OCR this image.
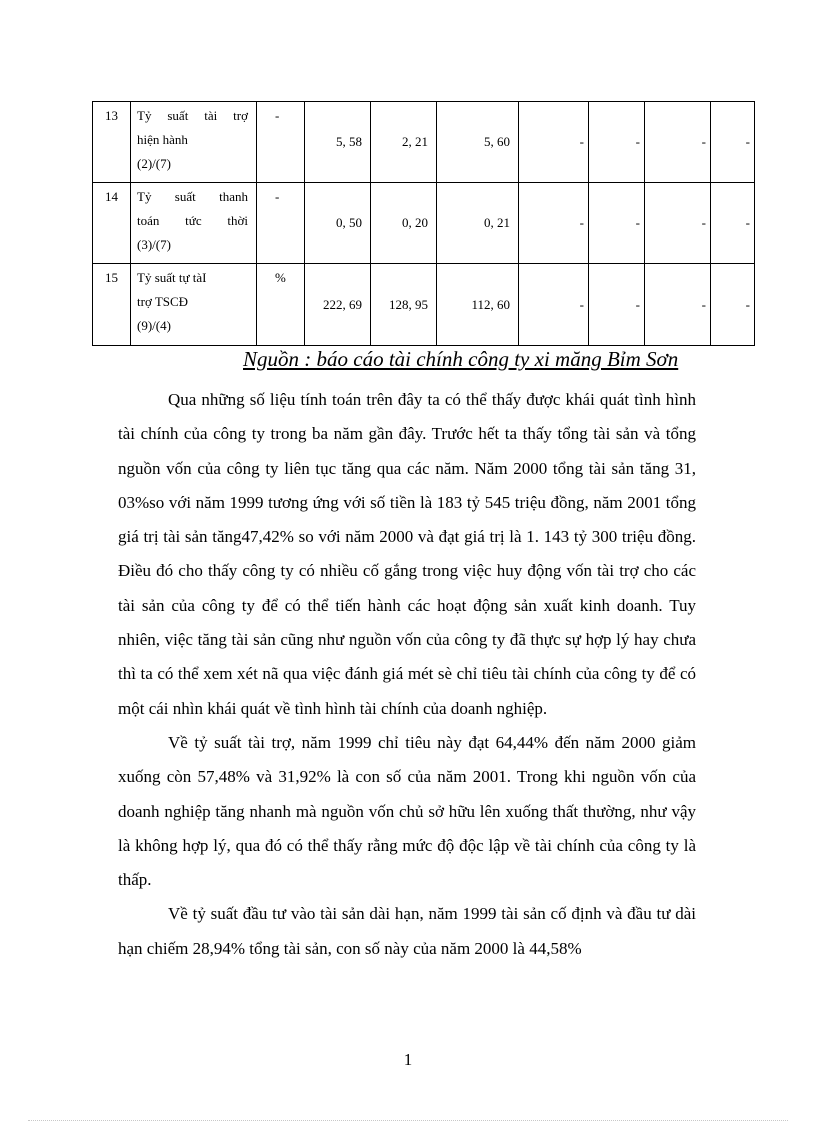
13	Tỷ suất tài trợ
hiện hành
(2)/(7)	-	5, 58	2, 21	5, 60	-	-	-	-
14	Tỷ suất thanh
toán tức thời
(3)/(7)	-	0, 50	0, 20	0, 21	-	-	-	-
15	Tỷ suất tự tàI
trợ TSCĐ
(9)/(4)	%	222, 69	128, 95	112, 60	-	-	-	-
Nguồn : báo cáo tài chính công ty xi măng Bỉm Sơn

Qua những số liệu tính toán trên đây ta có thể thấy được khái quát tình hình tài chính của công ty trong ba năm gần đây. Trước hết ta thấy tổng tài sản và tổng nguồn vốn của công ty liên tục tăng qua các năm. Năm 2000 tổng tài sản tăng 31, 03%so với năm 1999 tương ứng với số tiền là 183 tỷ 545 triệu đồng, năm 2001 tổng giá trị tài sản tăng47,42% so với năm 2000 và đạt giá trị là 1. 143 tỷ 300 triệu đồng. Điều đó cho thấy công ty có nhiều cố gắng trong việc huy động vốn tài trợ cho các tài sản của công ty để có thể tiến hành các hoạt động sản xuất kinh doanh. Tuy nhiên, việc tăng tài sản cũng như nguồn vốn của công ty đã thực sự hợp lý hay chưa thì ta có thể xem xét nã qua việc đánh giá mét sè chỉ tiêu tài chính của công ty để có một cái nhìn khái quát về tình hình tài chính của doanh nghiệp.

Về tỷ suất tài trợ, năm 1999 chỉ tiêu này đạt 64,44% đến năm 2000 giảm xuống còn 57,48% và 31,92% là con số của năm 2001. Trong khi nguồn vốn của doanh nghiệp tăng nhanh mà nguồn vốn chủ sở hữu lên xuống thất thường, như vậy là không hợp lý, qua đó có thể thấy rằng mức độ độc lập về tài chính của công ty là thấp.

Về tỷ suất đầu tư vào tài sản dài hạn, năm 1999 tài sản cố định và đầu tư dài hạn chiếm 28,94% tổng tài sản, con số này của năm 2000 là 44,58%

1
